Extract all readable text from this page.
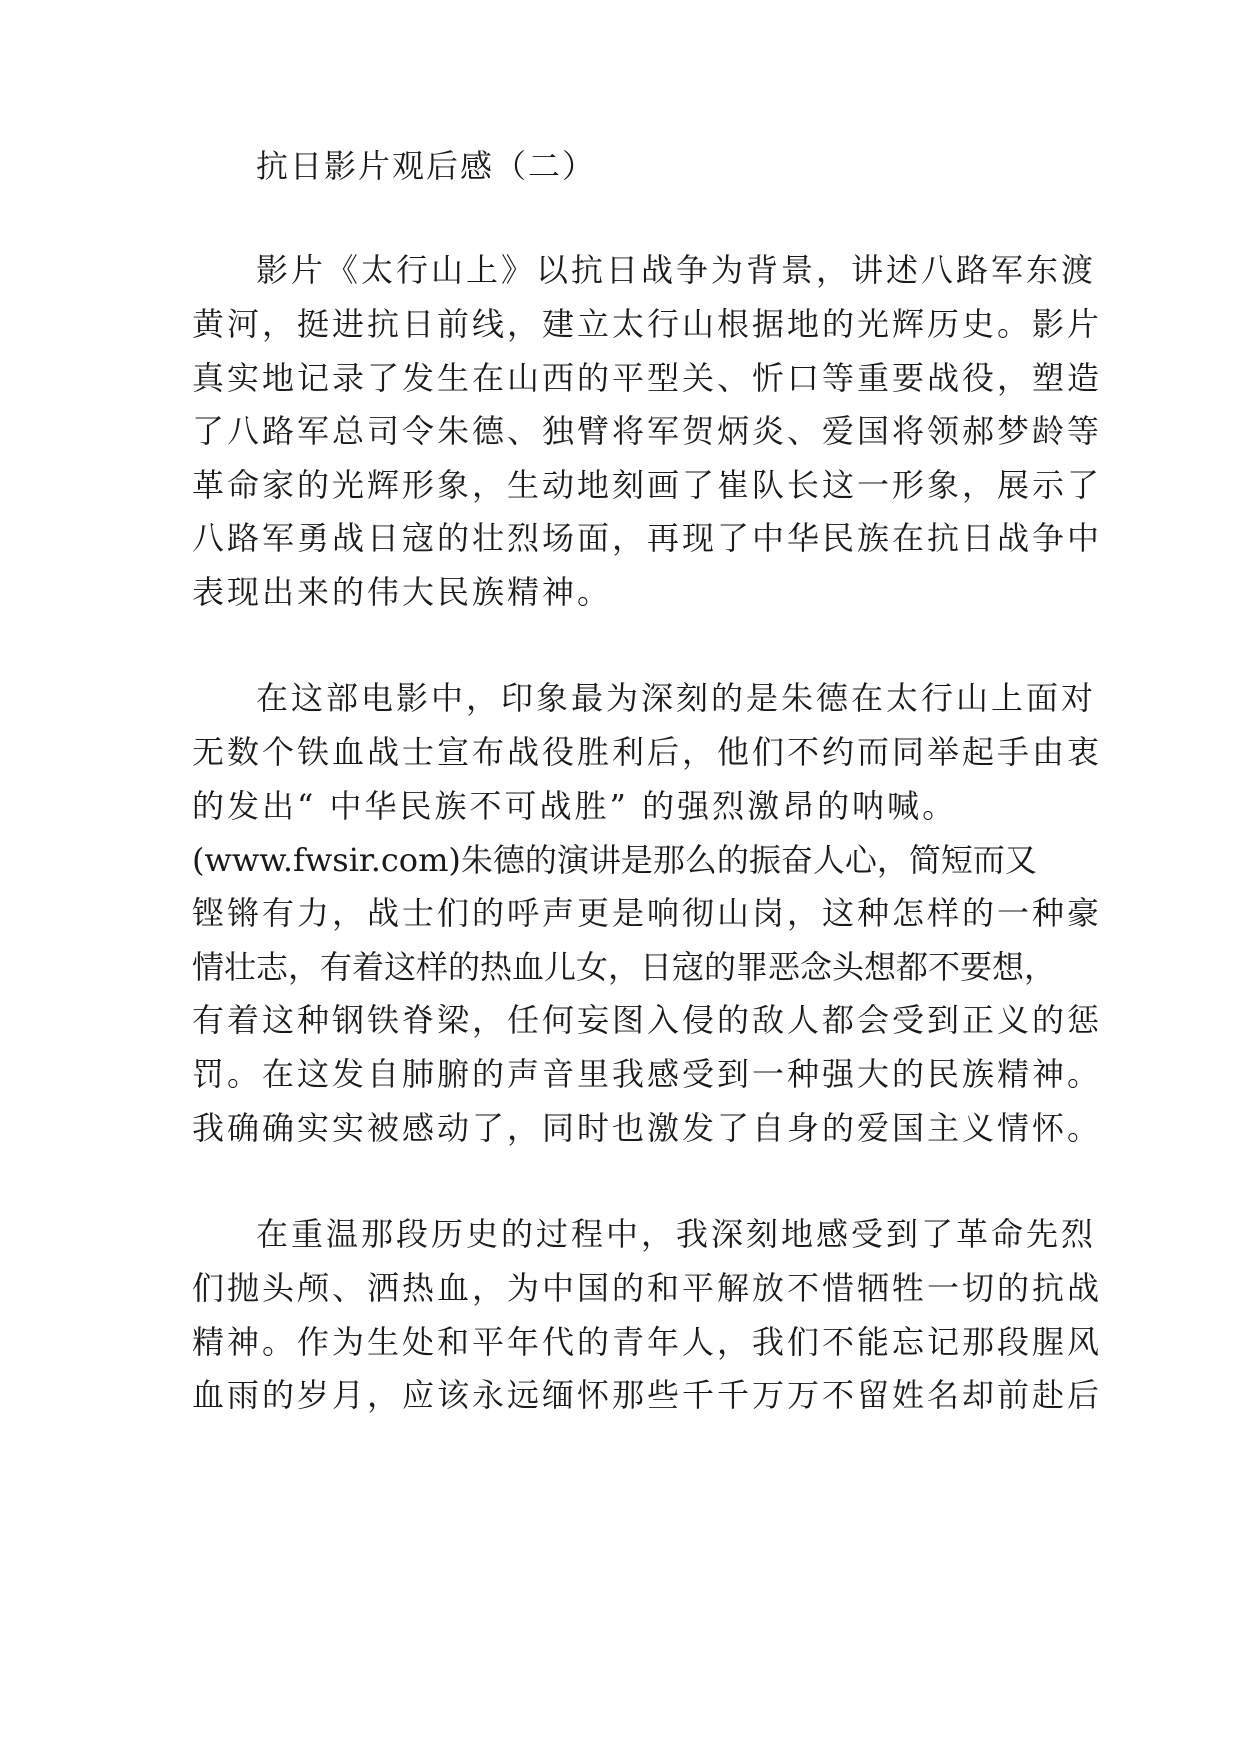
抗日影片观后感（二）
影片《太行山上》以抗日战争为背景，讲述八路军东渡
黄河，挺进抗日前线，建立太行山根据地的光辉历史。影片
真实地记录了发生在山西的平型关、忻口等重要战役，塑造
了八路军总司令朱德、独臂将军贺炳炎、爱国将领郝梦龄等
革命家的光辉形象，生动地刻画了崔队长这一形象，展示了
八路军勇战日寇的壮烈场面，再现了中华民族在抗日战争中
表现出来的伟大民族精神。
在这部电影中，印象最为深刻的是朱德在太行山上面对
无数个铁血战士宣布战役胜利后，他们不约而同举起手由衷
的发出“ 中华民族不可战胜” 的强烈激昂的呐喊。
(www.fwsir.com)朱德的演讲是那么的振奋人心，简短而又
铿锵有力，战士们的呼声更是响彻山岗，这种怎样的一种豪
情壮志，有着这样的热血儿女，日寇的罪恶念头想都不要想，
有着这种钢铁脊梁，任何妄图入侵的敌人都会受到正义的惩
罚。在这发自肺腑的声音里我感受到一种强大的民族精神。
我确确实实被感动了，同时也激发了自身的爱国主义情怀。
在重温那段历史的过程中，我深刻地感受到了革命先烈
们抛头颅、洒热血，为中国的和平解放不惜牺牲一切的抗战
精神。作为生处和平年代的青年人，我们不能忘记那段腥风
血雨的岁月，应该永远缅怀那些千千万万不留姓名却前赴后
